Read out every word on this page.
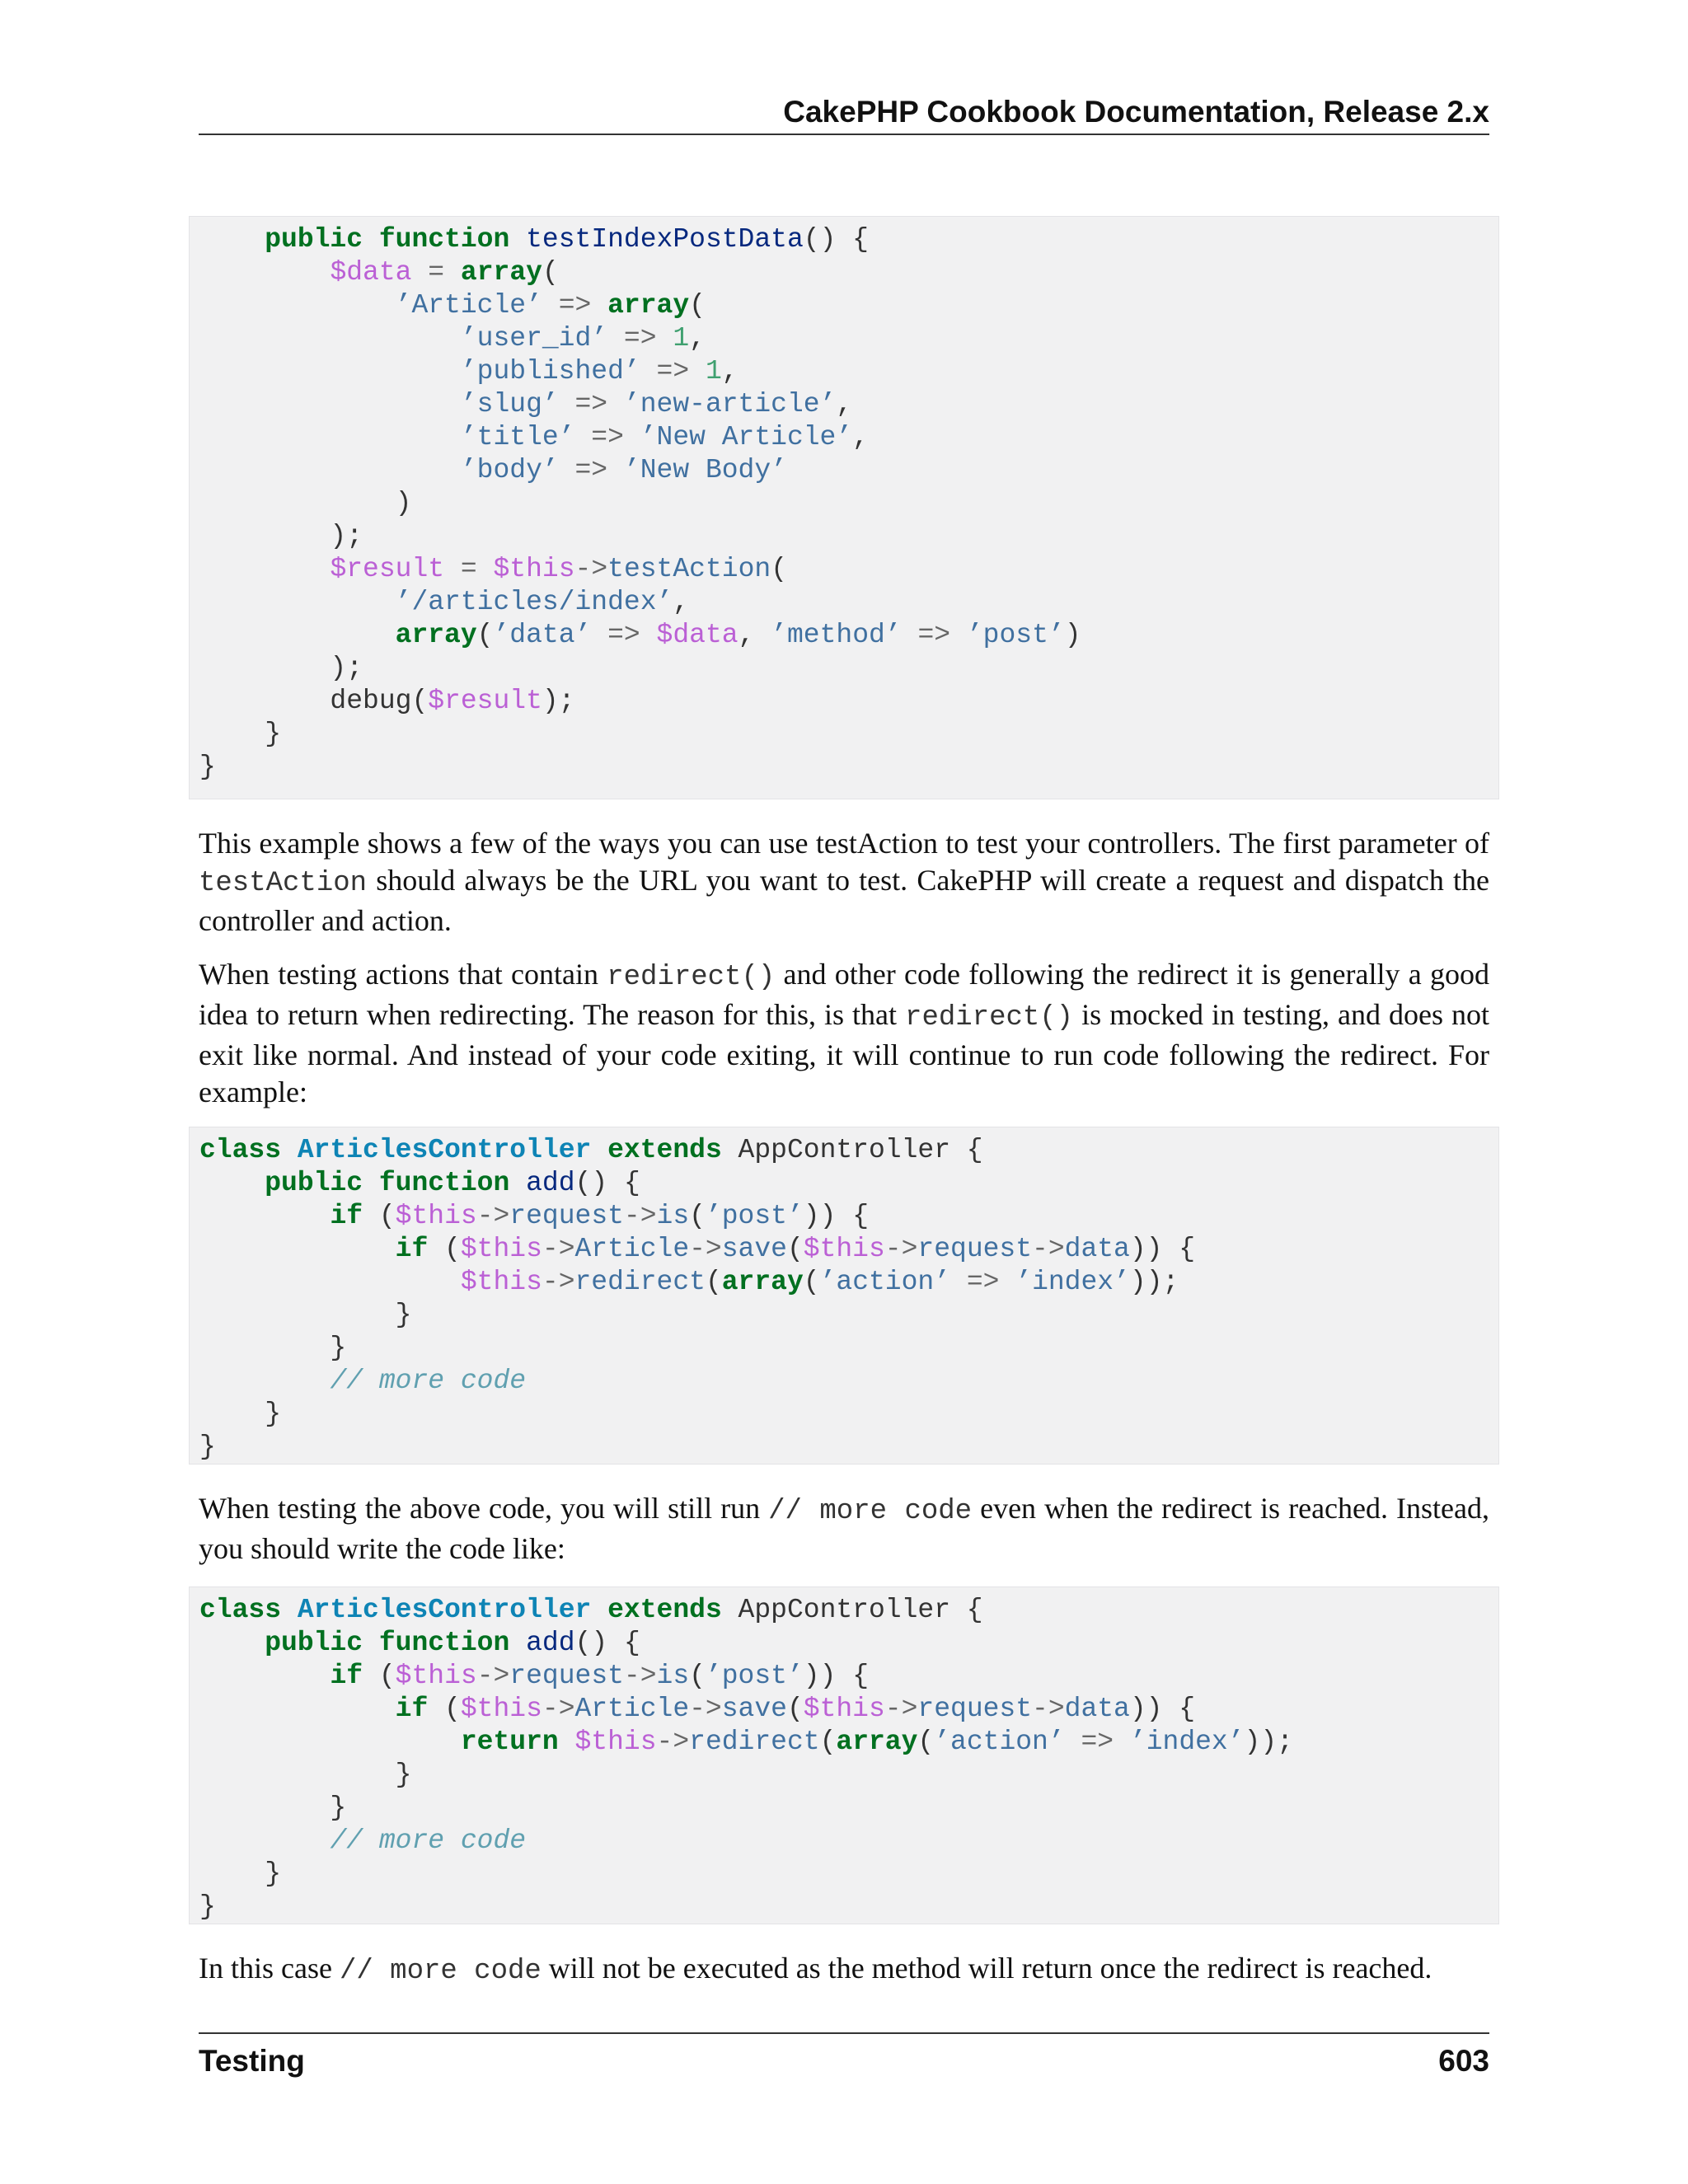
CakePHP Cookbook Documentation, Release 2.x
public function testIndexPostData() {
$data = array(
’Article’ => array(
’user_id’ => 1,
’published’ => 1,
’slug’ => ’new-article’,
’title’ => ’New Article’,
’body’ => ’New Body’
)
);
$result = $this->testAction(
’/articles/index’,
array(’data’ => $data, ’method’ => ’post’)
);
debug($result);
}
}

This example shows a few of the ways you can use testAction to test your controllers. The first parameter of testAction should always be the URL you want to test. CakePHP will create a request and dispatch the controller and action.

When testing actions that contain redirect() and other code following the redirect it is generally a good idea to return when redirecting. The reason for this, is that redirect() is mocked in testing, and does not exit like normal. And instead of your code exiting, it will continue to run code following the redirect. For example:

class ArticlesController extends AppController {
public function add() {
if ($this->request->is(’post’)) {
if ($this->Article->save($this->request->data)) {
$this->redirect(array(’action’ => ’index’));
}
}
// more code
}
}

When testing the above code, you will still run // more code even when the redirect is reached. Instead, you should write the code like:

class ArticlesController extends AppController {
public function add() {
if ($this->request->is(’post’)) {
if ($this->Article->save($this->request->data)) {
return $this->redirect(array(’action’ => ’index’));
}
}
// more code
}
}

In this case // more code will not be executed as the method will return once the redirect is reached.

Testing	603
